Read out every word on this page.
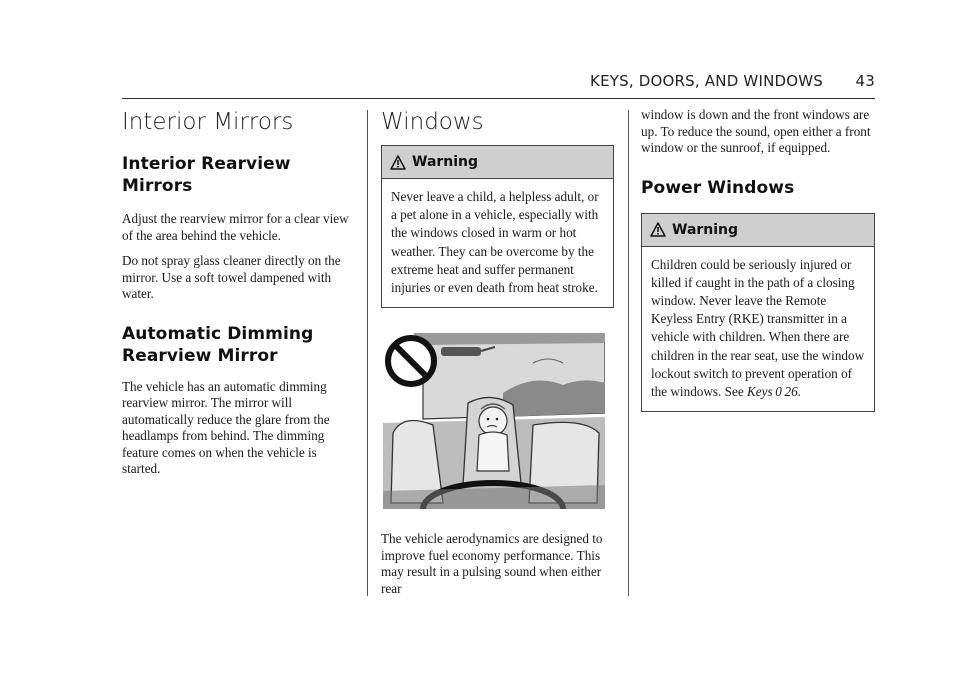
KEYS, DOORS, AND WINDOWS 43
Interior Mirrors
Interior Rearview Mirrors

Adjust the rearview mirror for a clear view of the area behind the vehicle.

Do not spray glass cleaner directly on the mirror. Use a soft towel dampened with water.

Automatic Dimming
Rearview Mirror

The vehicle has an automatic dimming rearview mirror. The mirror will automatically reduce the glare from the headlamps from behind. The dimming feature comes on when the vehicle is started.

Windows
Warning
Never leave a child, a helpless adult, or a pet alone in a vehicle, especially with the windows closed in warm or hot weather. They can be overcome by the extreme heat and suffer permanent injuries or even death from heat stroke.

The vehicle aerodynamics are designed to improve fuel economy performance. This may result in a pulsing sound when either rear

window is down and the front windows are up. To reduce the sound, open either a front window or the sunroof, if equipped.

Power Windows
Warning
Children could be seriously injured or killed if caught in the path of a closing window. Never leave the Remote Keyless Entry (RKE) transmitter in a vehicle with children. When there are children in the rear seat, use the window lockout switch to prevent operation of the windows. See Keys  0  26.
